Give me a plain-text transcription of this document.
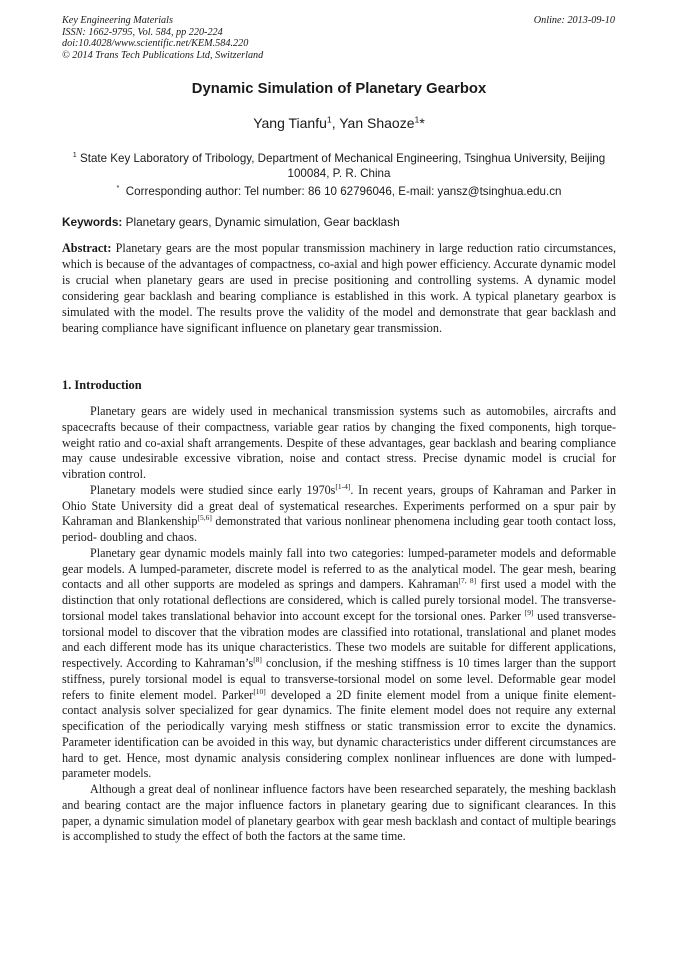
Key Engineering Materials
ISSN: 1662-9795, Vol. 584, pp 220-224
doi:10.4028/www.scientific.net/KEM.584.220
© 2014 Trans Tech Publications Ltd, Switzerland
Online: 2013-09-10
Dynamic Simulation of Planetary Gearbox
Yang Tianfu$^1$, Yan Shaoze$^1$*
$^1$ State Key Laboratory of Tribology, Department of Mechanical Engineering, Tsinghua University, Beijing 100084, P. R. China
* Corresponding author: Tel number: 86 10 62796046, E-mail: yansz@tsinghua.edu.cn
Keywords: Planetary gears, Dynamic simulation, Gear backlash
Abstract: Planetary gears are the most popular transmission machinery in large reduction ratio circumstances, which is because of the advantages of compactness, co-axial and high power efficiency. Accurate dynamic model is crucial when planetary gears are used in precise positioning and controlling systems. A dynamic model considering gear backlash and bearing compliance is established in this work. A typical planetary gearbox is simulated with the model. The results prove the validity of the model and demonstrate that gear backlash and bearing compliance have significant influence on planetary gear transmission.
1. Introduction

Planetary gears are widely used in mechanical transmission systems such as automobiles, aircrafts and spacecrafts because of their compactness, variable gear ratios by changing the fixed components, high torque-weight ratio and co-axial shaft arrangements. Despite of these advantages, gear backlash and bearing compliance may cause undesirable excessive vibration, noise and contact stress. Precise dynamic model is crucial for vibration control.

Planetary models were studied since early 1970s[1-4]. In recent years, groups of Kahraman and Parker in Ohio State University did a great deal of systematical researches. Experiments performed on a spur pair by Kahraman and Blankenship[5,6] demonstrated that various nonlinear phenomena including gear tooth contact loss, period- doubling and chaos.

Planetary gear dynamic models mainly fall into two categories: lumped-parameter models and deformable gear models. A lumped-parameter, discrete model is referred to as the analytical model. The gear mesh, bearing contacts and all other supports are modeled as springs and dampers. Kahraman[7, 8] first used a model with the distinction that only rotational deflections are considered, which is called purely torsional model. The transverse-torsional model takes translational behavior into account except for the torsional ones. Parker [9] used transverse-torsional model to discover that the vibration modes are classified into rotational, translational and planet modes and each different mode has its unique characteristics. These two models are suitable for different applications, respectively. According to Kahraman’s[8] conclusion, if the meshing stiffness is 10 times larger than the support stiffness, purely torsional model is equal to transverse-torsional model on some level. Deformable gear model refers to finite element model. Parker[10] developed a 2D finite element model from a unique finite element-contact analysis solver specialized for gear dynamics. The finite element model does not require any external specification of the periodically varying mesh stiffness or static transmission error to excite the dynamics. Parameter identification can be avoided in this way, but dynamic characteristics under different circumstances are hard to get. Hence, most dynamic analysis considering complex nonlinear influences are done with lumped-parameter models.

Although a great deal of nonlinear influence factors have been researched separately, the meshing backlash and bearing contact are the major influence factors in planetary gearing due to significant clearances. In this paper, a dynamic simulation model of planetary gearbox with gear mesh backlash and contact of multiple bearings is accomplished to study the effect of both the factors at the same time.
